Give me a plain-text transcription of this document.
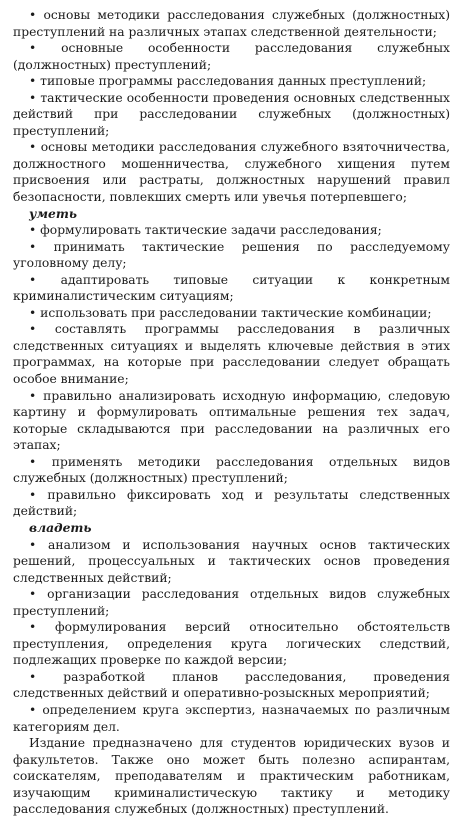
• основы методики расследования служебных (должностных) преступлений на различных этапах следственной деятельности;

• основные особенности расследования служебных (должностных) преступлений;

• типовые программы расследования данных преступлений;

• тактические особенности проведения основных следственных действий при расследовании служебных (должностных) преступлений;

• основы методики расследования служебного взяточничества, должностного мошенничества, служебного хищения путем присвоения или растраты, должностных нарушений правил безопасности, повлекших смерть или увечья потерпевшего;

уметь

• формулировать тактические задачи расследования;

• принимать тактические решения по расследуемому уголовному делу;

• адаптировать типовые ситуации к конкретным криминалистическим ситуациям;

• использовать при расследовании тактические комбинации;

• составлять программы расследования в различных следственных ситуациях и выделять ключевые действия в этих программах, на которые при расследовании следует обращать особое внимание;

• правильно анализировать исходную информацию, следовую картину и формулировать оптимальные решения тех задач, которые складываются при расследовании на различных его этапах;

• применять методики расследования отдельных видов служебных (должностных) преступлений;

• правильно фиксировать ход и результаты следственных действий;

владеть

• анализом и использования научных основ тактических решений, процессуальных и тактических основ проведения следственных действий;

• организации расследования отдельных видов служебных преступлений;

• формулирования версий относительно обстоятельств преступления, определения круга логических следствий, подлежащих проверке по каждой версии;

• разработкой планов расследования, проведения следственных действий и оперативно-розыскных мероприятий;

• определением круга экспертиз, назначаемых по различным категориям дел.

Издание предназначено для студентов юридических вузов и факультетов. Также оно может быть полезно аспирантам, соискателям, преподавателям и практическим работникам, изучающим криминалистическую тактику и методику расследования служебных (должностных) преступлений.
